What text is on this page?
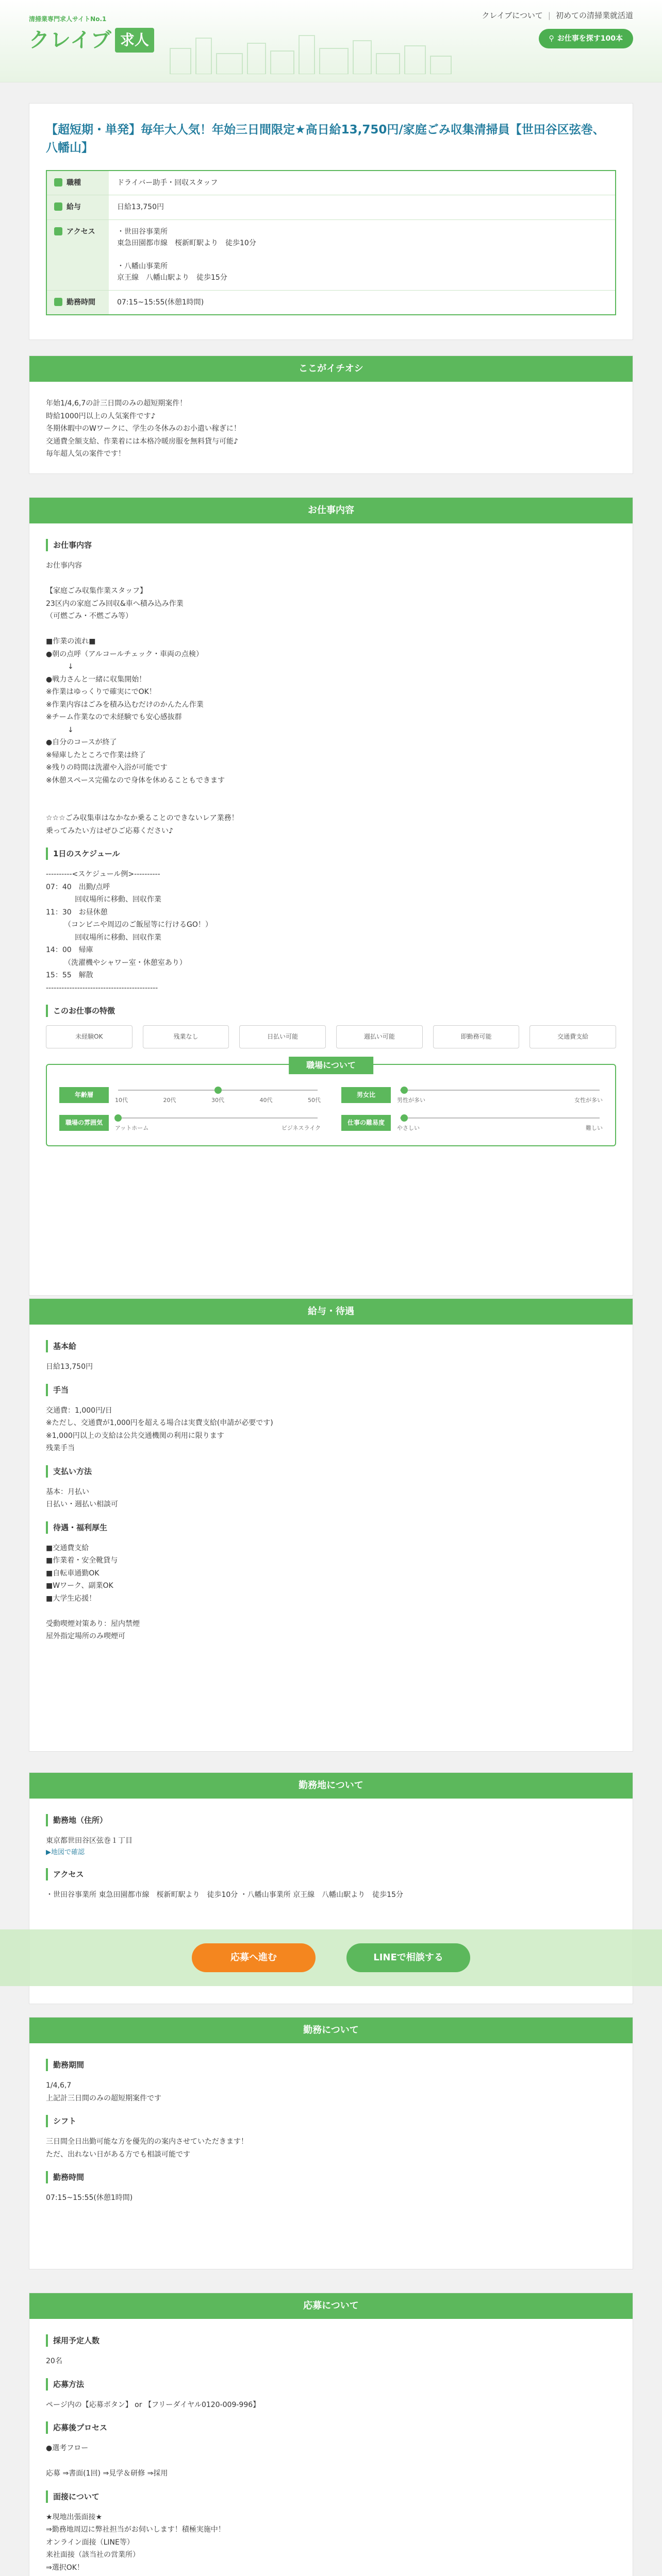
清掃業専門求人サイトNo.1
クレイブ 求人
クレイブについて | 初めての清掃業就活道
⚲ お仕事を探す100本
【超短期・単発】毎年大人気！年始三日間限定★高日給13,750円/家庭ごみ収集清掃員【世田谷区弦巻、八幡山】
職種	ドライバー助手・回収スタッフ
給与	日給13,750円
アクセス	・世田谷事業所
東急田園都市線　桜新町駅より　徒歩10分

・八幡山事業所
京王線　八幡山駅より　徒歩15分
勤務時間	07:15~15:55(休憩1時間)
ここがイチオシ

年始1/4,6,7の計三日間のみの超短期案件！
時給1000円以上の人気案件です♪
冬期休暇中のWワークに、学生の冬休みのお小遣い稼ぎに！
交通費全額支給、作業着には本格冷暖房服を無料貸与可能♪
毎年超人気の案件です！

お仕事内容
お仕事内容

お仕事内容

【家庭ごみ収集作業スタッフ】
23区内の家庭ごみ回収&車へ積み込み作業
（可燃ごみ・不燃ごみ等）

■作業の流れ■
●朝の点呼（アルコールチェック・車両の点検）
　　　↓
●戦力さんと一緒に収集開始！
※作業はゆっくりで確実にでOK！
※作業内容はごみを積み込むだけのかんたん作業
※チーム作業なので未経験でも安心感抜群
　　　↓
●自分のコースが終了
※帰庫したところで作業は終了
※残りの時間は洗濯や入浴が可能です
※休憩スペース完備なので身体を休めることもできます

☆☆☆ごみ収集車はなかなか乗ることのできないレア業務！
乗ってみたい方はぜひご応募ください♪

1日のスケジュール

----------<スケジュール例>----------
07：40　出勤/点呼
　　　　回収場所に移動、回収作業
11：30　お昼休憩
　　　（コンビニや周辺のご飯屋等に行けるGO！）
　　　　回収場所に移動、回収作業
14：00　帰庫
　　　（洗濯機やシャワー室・休憩室あり）
15：55　解散
-------------------------------------------

このお仕事の特徴
未経験OK	残業なし	日払い可能	週払い可能	即勤務可能	交通費支給
職場について
年齢層
10代	20代	30代	40代	50代
男女比
男性が多い	女性が多い
職場の雰囲気
アットホーム	ビジネスライク
仕事の難易度
やさしい	難しい
給与・待遇
基本給

日給13,750円

手当

交通費：1,000円/日
※ただし、交通費が1,000円を超える場合は実費支給(申請が必要です)
※1,000円以上の支給は公共交通機関の利用に限ります
残業手当

支払い方法

基本：月払い
日払い・週払い相談可

待遇・福利厚生

■交通費支給
■作業着・安全靴貸与
■自転車通勤OK
■Wワーク、副業OK
■大学生応援！

受動喫煙対策あり：屋内禁煙
屋外指定場所のみ喫煙可

勤務地について
勤務地（住所）

東京都世田谷区弦巻１丁目

▶地図で確認

アクセス

・世田谷事業所 東急田園都市線　桜新町駅より　徒歩10分 ・八幡山事業所 京王線　八幡山駅より　徒歩15分

応募へ進む	LINEで相談する
勤務について
勤務期間

1/4,6,7
上記計三日間のみの超短期案件です

シフト

三日間全日出勤可能な方を優先的の案内させていただきます！
ただ、出れない日がある方でも相談可能です

勤務時間

07:15~15:55(休憩1時間)

応募について
採用予定人数

20名

応募方法

ページ内の【応募ボタン】 or 【フリーダイヤル0120-009-996】

応募後プロセス

●選考フロー

応募 ⇒書面(1回) ⇒見学＆研修 ⇒採用

面接について

★現地出張面接★
⇒勤務地周辺に弊社担当がお伺いします！積極実施中！
オンライン面接（LINE等）
来社面接（該当社の営業所）
⇒選択OK！
